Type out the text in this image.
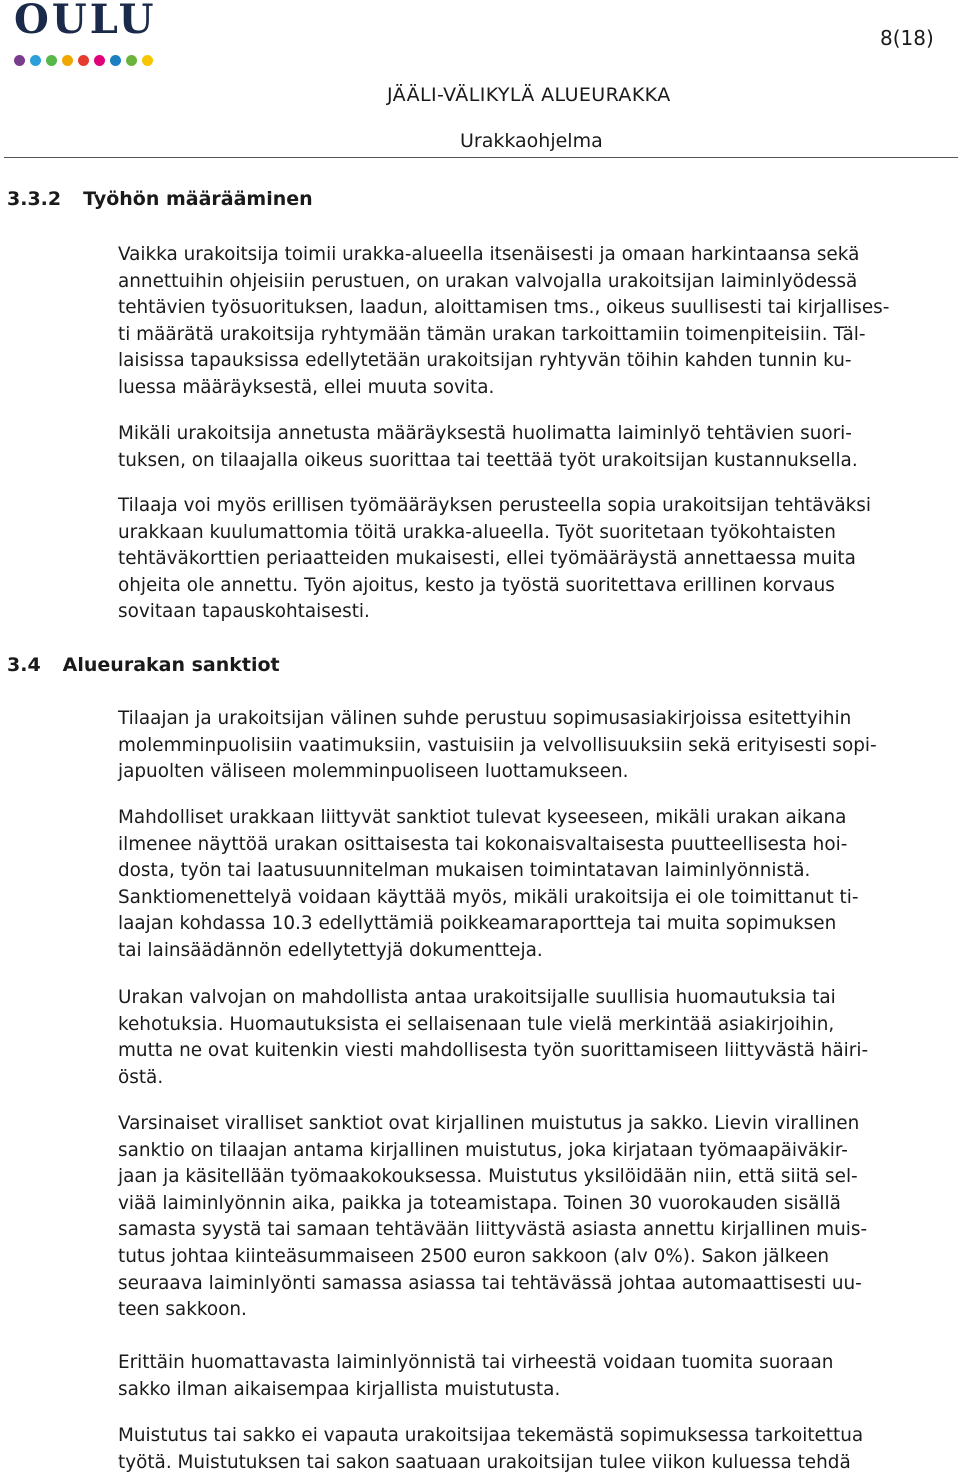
OULU	8(18)
JÄÄLI-VÄLIKYLÄ ALUEURAKKA
Urakkaohjelma
3.3.2 Työhön määrääminen
Vaikka urakoitsija toimii urakka-alueella itsenäisesti ja omaan harkintaansa sekä
annettuihin ohjeisiin perustuen, on urakan valvojalla urakoitsijan laiminlyödessä
tehtävien työsuorituksen, laadun, aloittamisen tms., oikeus suullisesti tai kirjallises-
ti määrätä urakoitsija ryhtymään tämän urakan tarkoittamiin toimenpiteisiin. Täl-
laisissa tapauksissa edellytetään urakoitsijan ryhtyvän töihin kahden tunnin ku-
luessa määräyksestä, ellei muuta sovita.
Mikäli urakoitsija annetusta määräyksestä huolimatta laiminlyö tehtävien suori-
tuksen, on tilaajalla oikeus suorittaa tai teettää työt urakoitsijan kustannuksella.
Tilaaja voi myös erillisen työmääräyksen perusteella sopia urakoitsijan tehtäväksi
urakkaan kuulumattomia töitä urakka-alueella. Työt suoritetaan työkohtaisten
tehtäväkorttien periaatteiden mukaisesti, ellei työmääräystä annettaessa muita
ohjeita ole annettu. Työn ajoitus, kesto ja työstä suoritettava erillinen korvaus
sovitaan tapauskohtaisesti.
3.4 Alueurakan sanktiot
Tilaajan ja urakoitsijan välinen suhde perustuu sopimusasiakirjoissa esitettyihin
molemminpuolisiin vaatimuksiin, vastuisiin ja velvollisuuksiin sekä erityisesti sopi-
japuolten väliseen molemminpuoliseen luottamukseen.
Mahdolliset urakkaan liittyvät sanktiot tulevat kyseeseen, mikäli urakan aikana
ilmenee näyttöä urakan osittaisesta tai kokonaisvaltaisesta puutteellisesta hoi-
dosta, työn tai laatusuunnitelman mukaisen toimintatavan laiminlyönnistä.
Sanktiomenettelyä voidaan käyttää myös, mikäli urakoitsija ei ole toimittanut ti-
laajan kohdassa 10.3 edellyttämiä poikkeamaraportteja tai muita sopimuksen
tai lainsäädännön edellytettyjä dokumentteja.
Urakan valvojan on mahdollista antaa urakoitsijalle suullisia huomautuksia tai
kehotuksia. Huomautuksista ei sellaisenaan tule vielä merkintää asiakirjoihin,
mutta ne ovat kuitenkin viesti mahdollisesta työn suorittamiseen liittyvästä häiri-
östä.
Varsinaiset viralliset sanktiot ovat kirjallinen muistutus ja sakko. Lievin virallinen
sanktio on tilaajan antama kirjallinen muistutus, joka kirjataan työmaapäiväkir-
jaan ja käsitellään työmaakokouksessa. Muistutus yksilöidään niin, että siitä sel-
viää laiminlyönnin aika, paikka ja toteamistapa. Toinen 30 vuorokauden sisällä
samasta syystä tai samaan tehtävään liittyvästä asiasta annettu kirjallinen muis-
tutus johtaa kiinteäsummaiseen 2500 euron sakkoon (alv 0%). Sakon jälkeen
seuraava laiminlyönti samassa asiassa tai tehtävässä johtaa automaattisesti uu-
teen sakkoon.
Erittäin huomattavasta laiminlyönnistä tai virheestä voidaan tuomita suoraan
sakko ilman aikaisempaa kirjallista muistutusta.
Muistutus tai sakko ei vapauta urakoitsijaa tekemästä sopimuksessa tarkoitettua
työtä. Muistutuksen tai sakon saatuaan urakoitsijan tulee viikon kuluessa tehdä
